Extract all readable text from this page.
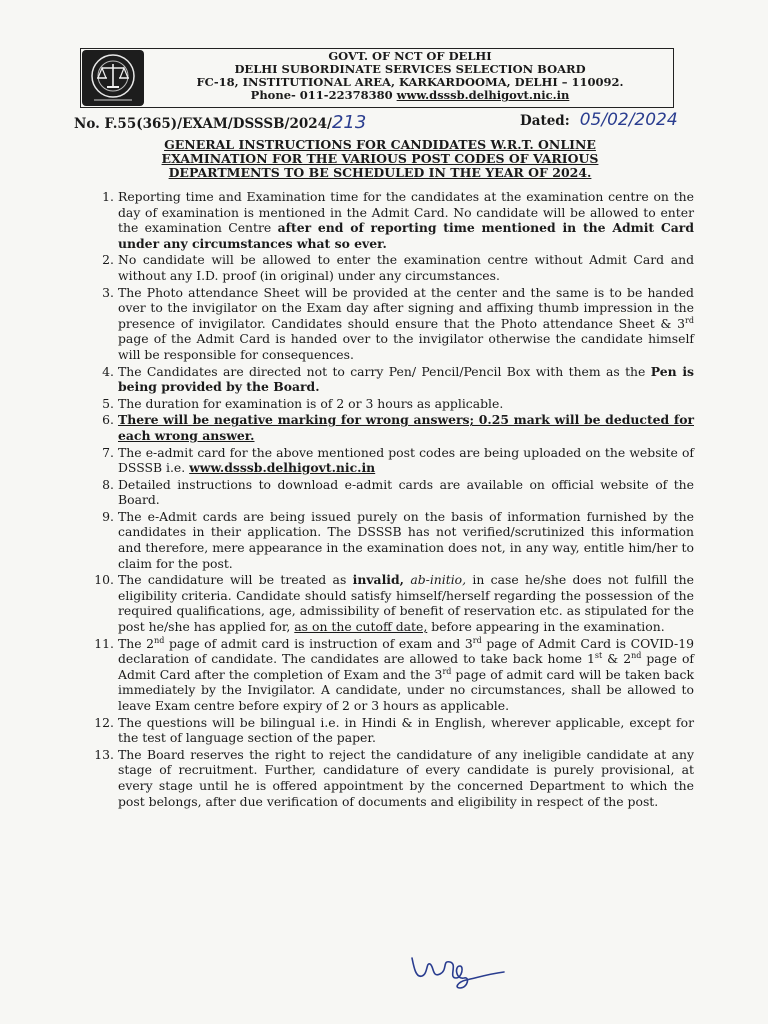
GOVT. OF NCT OF DELHI
DELHI SUBORDINATE SERVICES SELECTION BOARD
FC-18, INSTITUTIONAL AREA, KARKARDOOMA, DELHI – 110092.
Phone- 011-22378380 www.dsssb.delhigovt.nic.in
No. F.55(365)/EXAM/DSSSB/2024/213	Dated: 05/02/2024
GENERAL INSTRUCTIONS FOR CANDIDATES W.R.T. ONLINE
EXAMINATION FOR THE VARIOUS POST CODES OF VARIOUS
DEPARTMENTS TO BE SCHEDULED IN THE YEAR OF 2024.
1. Reporting time and Examination time for the candidates at the examination centre on the day of examination is mentioned in the Admit Card. No candidate will be allowed to enter the examination Centre after end of reporting time mentioned in the Admit Card under any circumstances what so ever.
2. No candidate will be allowed to enter the examination centre without Admit Card and without any I.D. proof (in original) under any circumstances.
3. The Photo attendance Sheet will be provided at the center and the same is to be handed over to the invigilator on the Exam day after signing and affixing thumb impression in the presence of invigilator. Candidates should ensure that the Photo attendance Sheet & 3rd page of the Admit Card is handed over to the invigilator otherwise the candidate himself will be responsible for consequences.
4. The Candidates are directed not to carry Pen/ Pencil/Pencil Box with them as the Pen is being provided by the Board.
5. The duration for examination is of 2 or 3 hours as applicable.
6. There will be negative marking for wrong answers; 0.25 mark will be deducted for each wrong answer.
7. The e-admit card for the above mentioned post codes are being uploaded on the website of DSSSB i.e. www.dsssb.delhigovt.nic.in
8. Detailed instructions to download e-admit cards are available on official website of the Board.
9. The e-Admit cards are being issued purely on the basis of information furnished by the candidates in their application. The DSSSB has not verified/scrutinized this information and therefore, mere appearance in the examination does not, in any way, entitle him/her to claim for the post.
10. The candidature will be treated as invalid, ab-initio, in case he/she does not fulfill the eligibility criteria. Candidate should satisfy himself/herself regarding the possession of the required qualifications, age, admissibility of benefit of reservation etc. as stipulated for the post he/she has applied for, as on the cutoff date, before appearing in the examination.
11. The 2nd page of admit card is instruction of exam and 3rd page of Admit Card is COVID-19 declaration of candidate. The candidates are allowed to take back home 1st & 2nd page of Admit Card after the completion of Exam and the 3rd page of admit card will be taken back immediately by the Invigilator. A candidate, under no circumstances, shall be allowed to leave Exam centre before expiry of 2 or 3 hours as applicable.
12. The questions will be bilingual i.e. in Hindi & in English, wherever applicable, except for the test of language section of the paper.
13. The Board reserves the right to reject the candidature of any ineligible candidate at any stage of recruitment. Further, candidature of every candidate is purely provisional, at every stage until he is offered appointment by the concerned Department to which the post belongs, after due verification of documents and eligibility in respect of the post.
